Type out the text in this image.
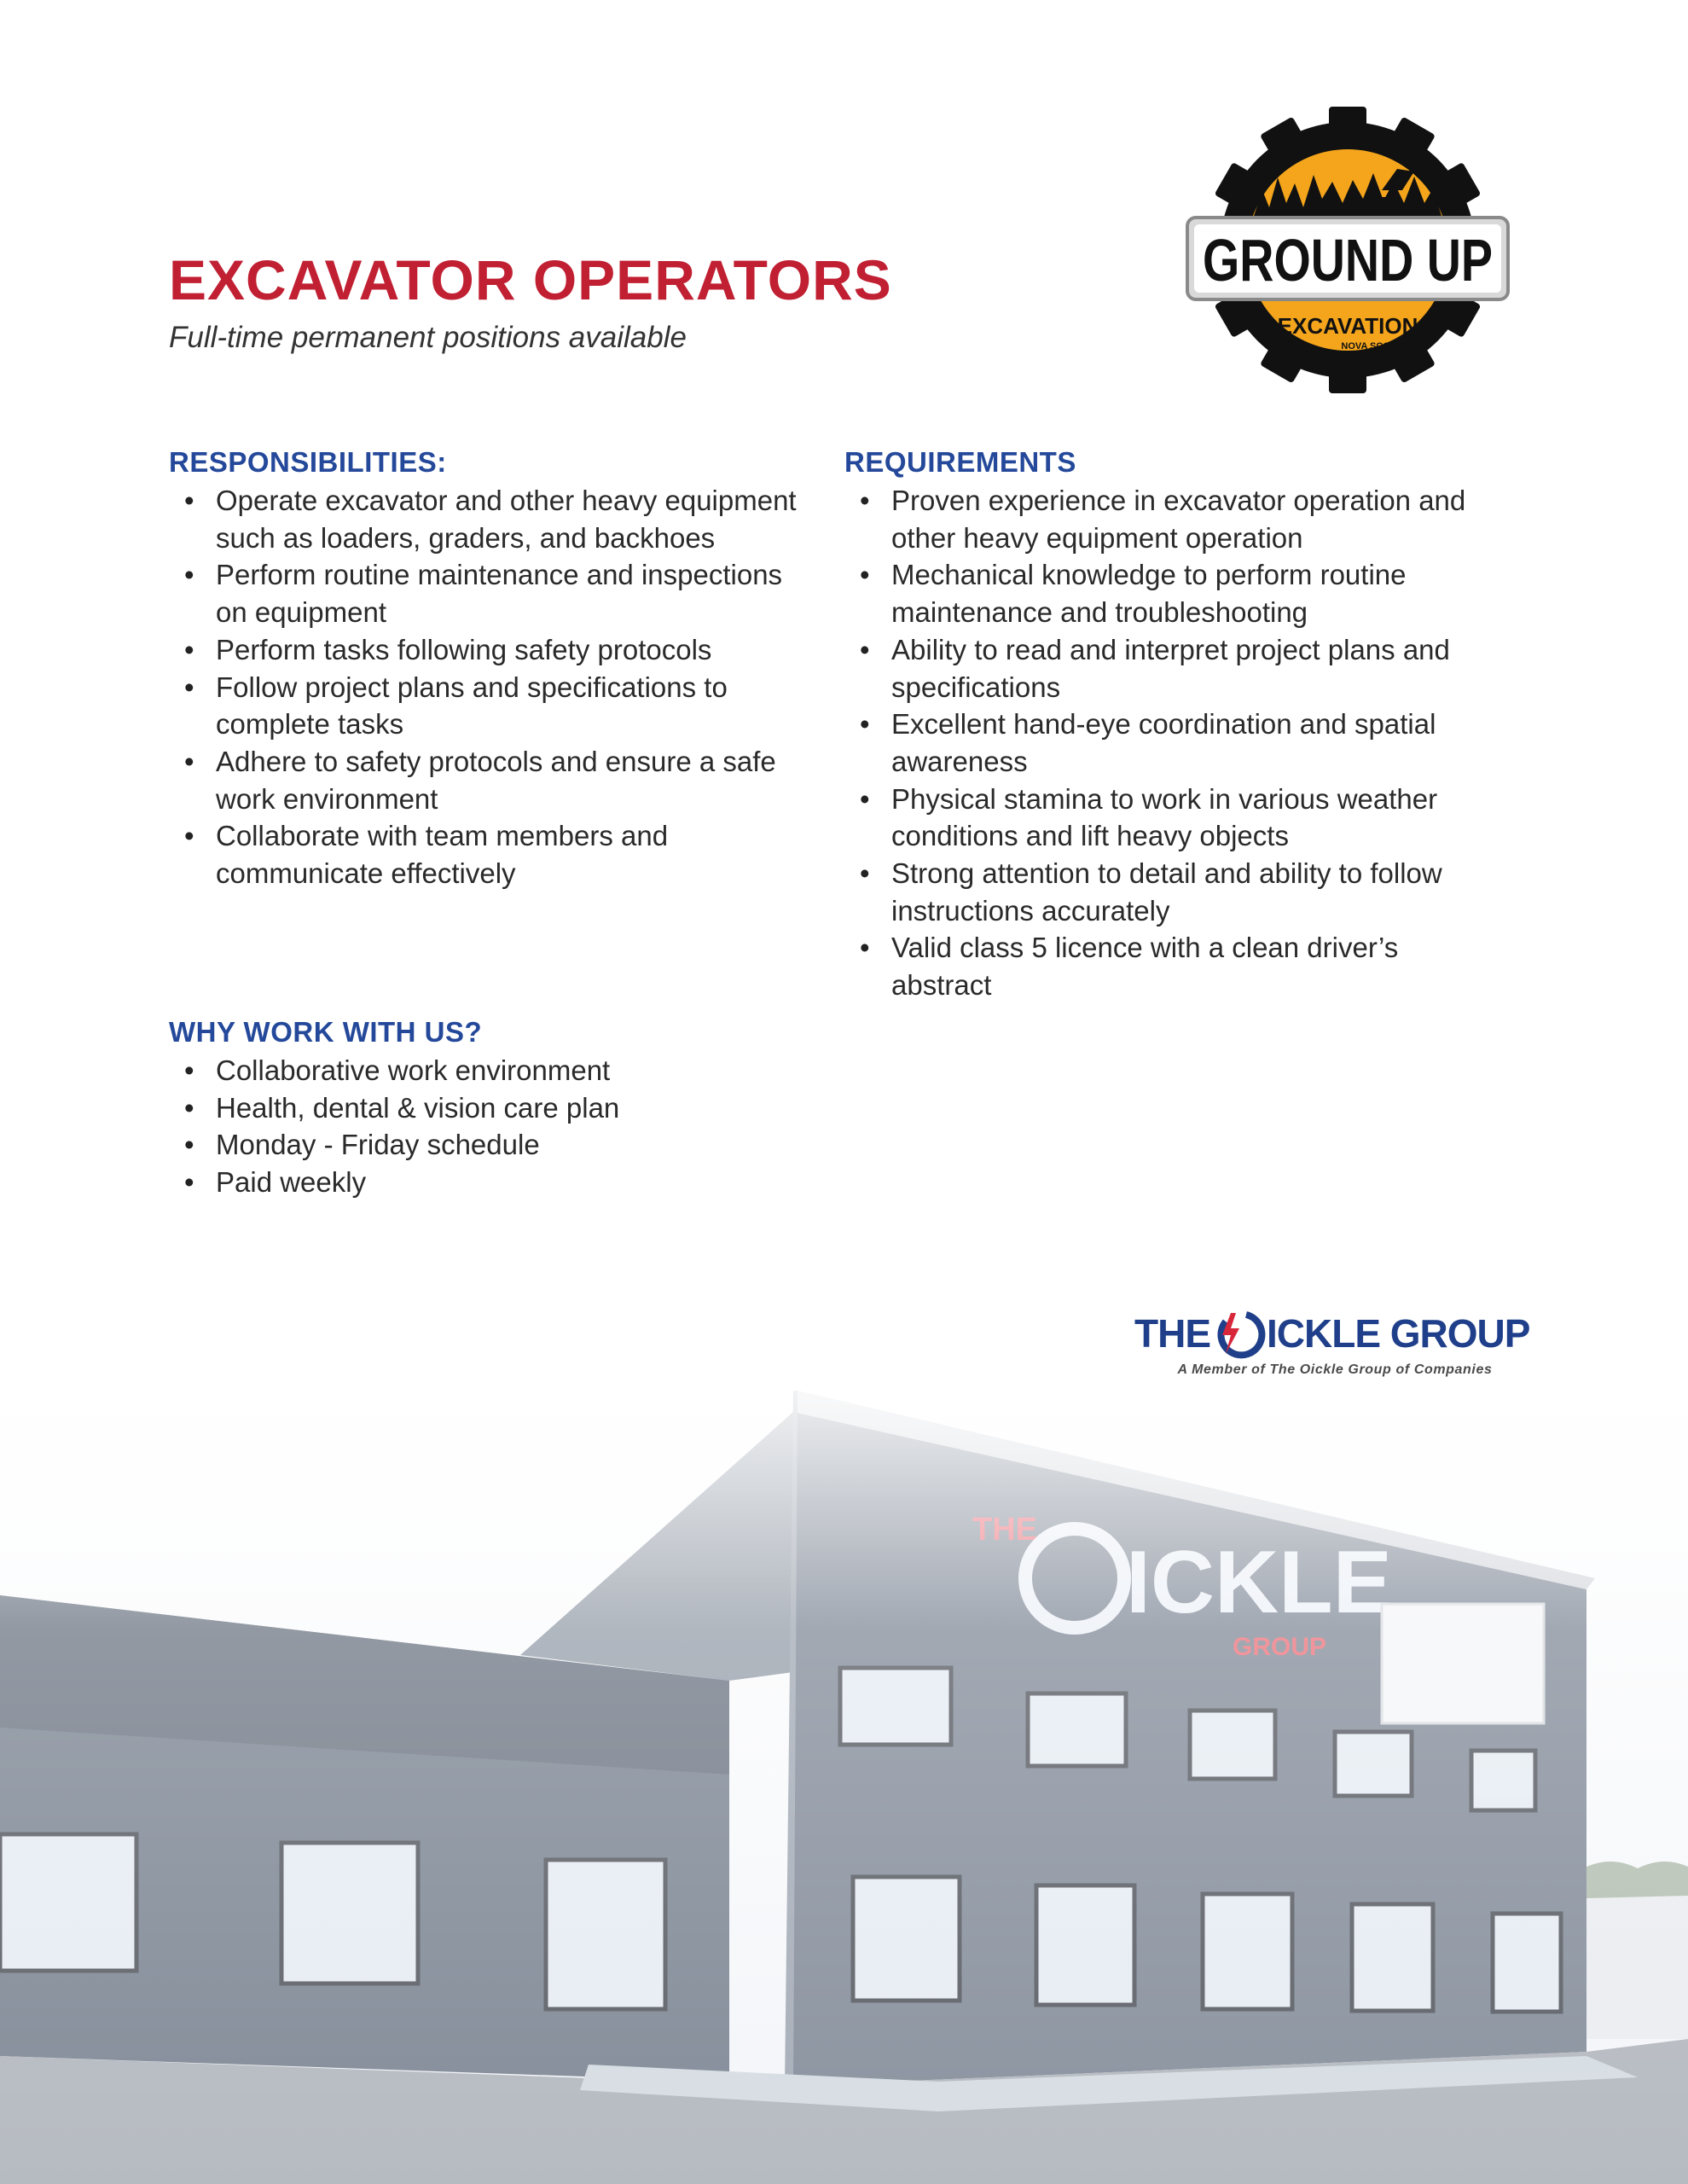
EXCAVATOR OPERATORS

Full-time permanent positions available

GROUND UP
EXCAVATION
NOVA SCOTIA
RESPONSIBILITIES:
• Operate excavator and other heavy equipment such as loaders, graders, and backhoes
• Perform routine maintenance and inspections on equipment
• Perform tasks following safety protocols
• Follow project plans and specifications to complete tasks
• Adhere to safety protocols and ensure a safe work environment
• Collaborate with team members and communicate effectively
REQUIREMENTS
• Proven experience in excavator operation and other heavy equipment operation
• Mechanical knowledge to perform routine maintenance and troubleshooting
• Ability to read and interpret project plans and specifications
• Excellent hand-eye coordination and spatial awareness
• Physical stamina to work in various weather conditions and lift heavy objects
• Strong attention to detail and ability to follow instructions accurately
• Valid class 5 licence with a clean driver’s abstract
WHY WORK WITH US?
• Collaborative work environment
• Health, dental & vision care plan
• Monday - Friday schedule
• Paid weekly
THE ICKLE GROUP
A Member of The Oickle Group of Companies
